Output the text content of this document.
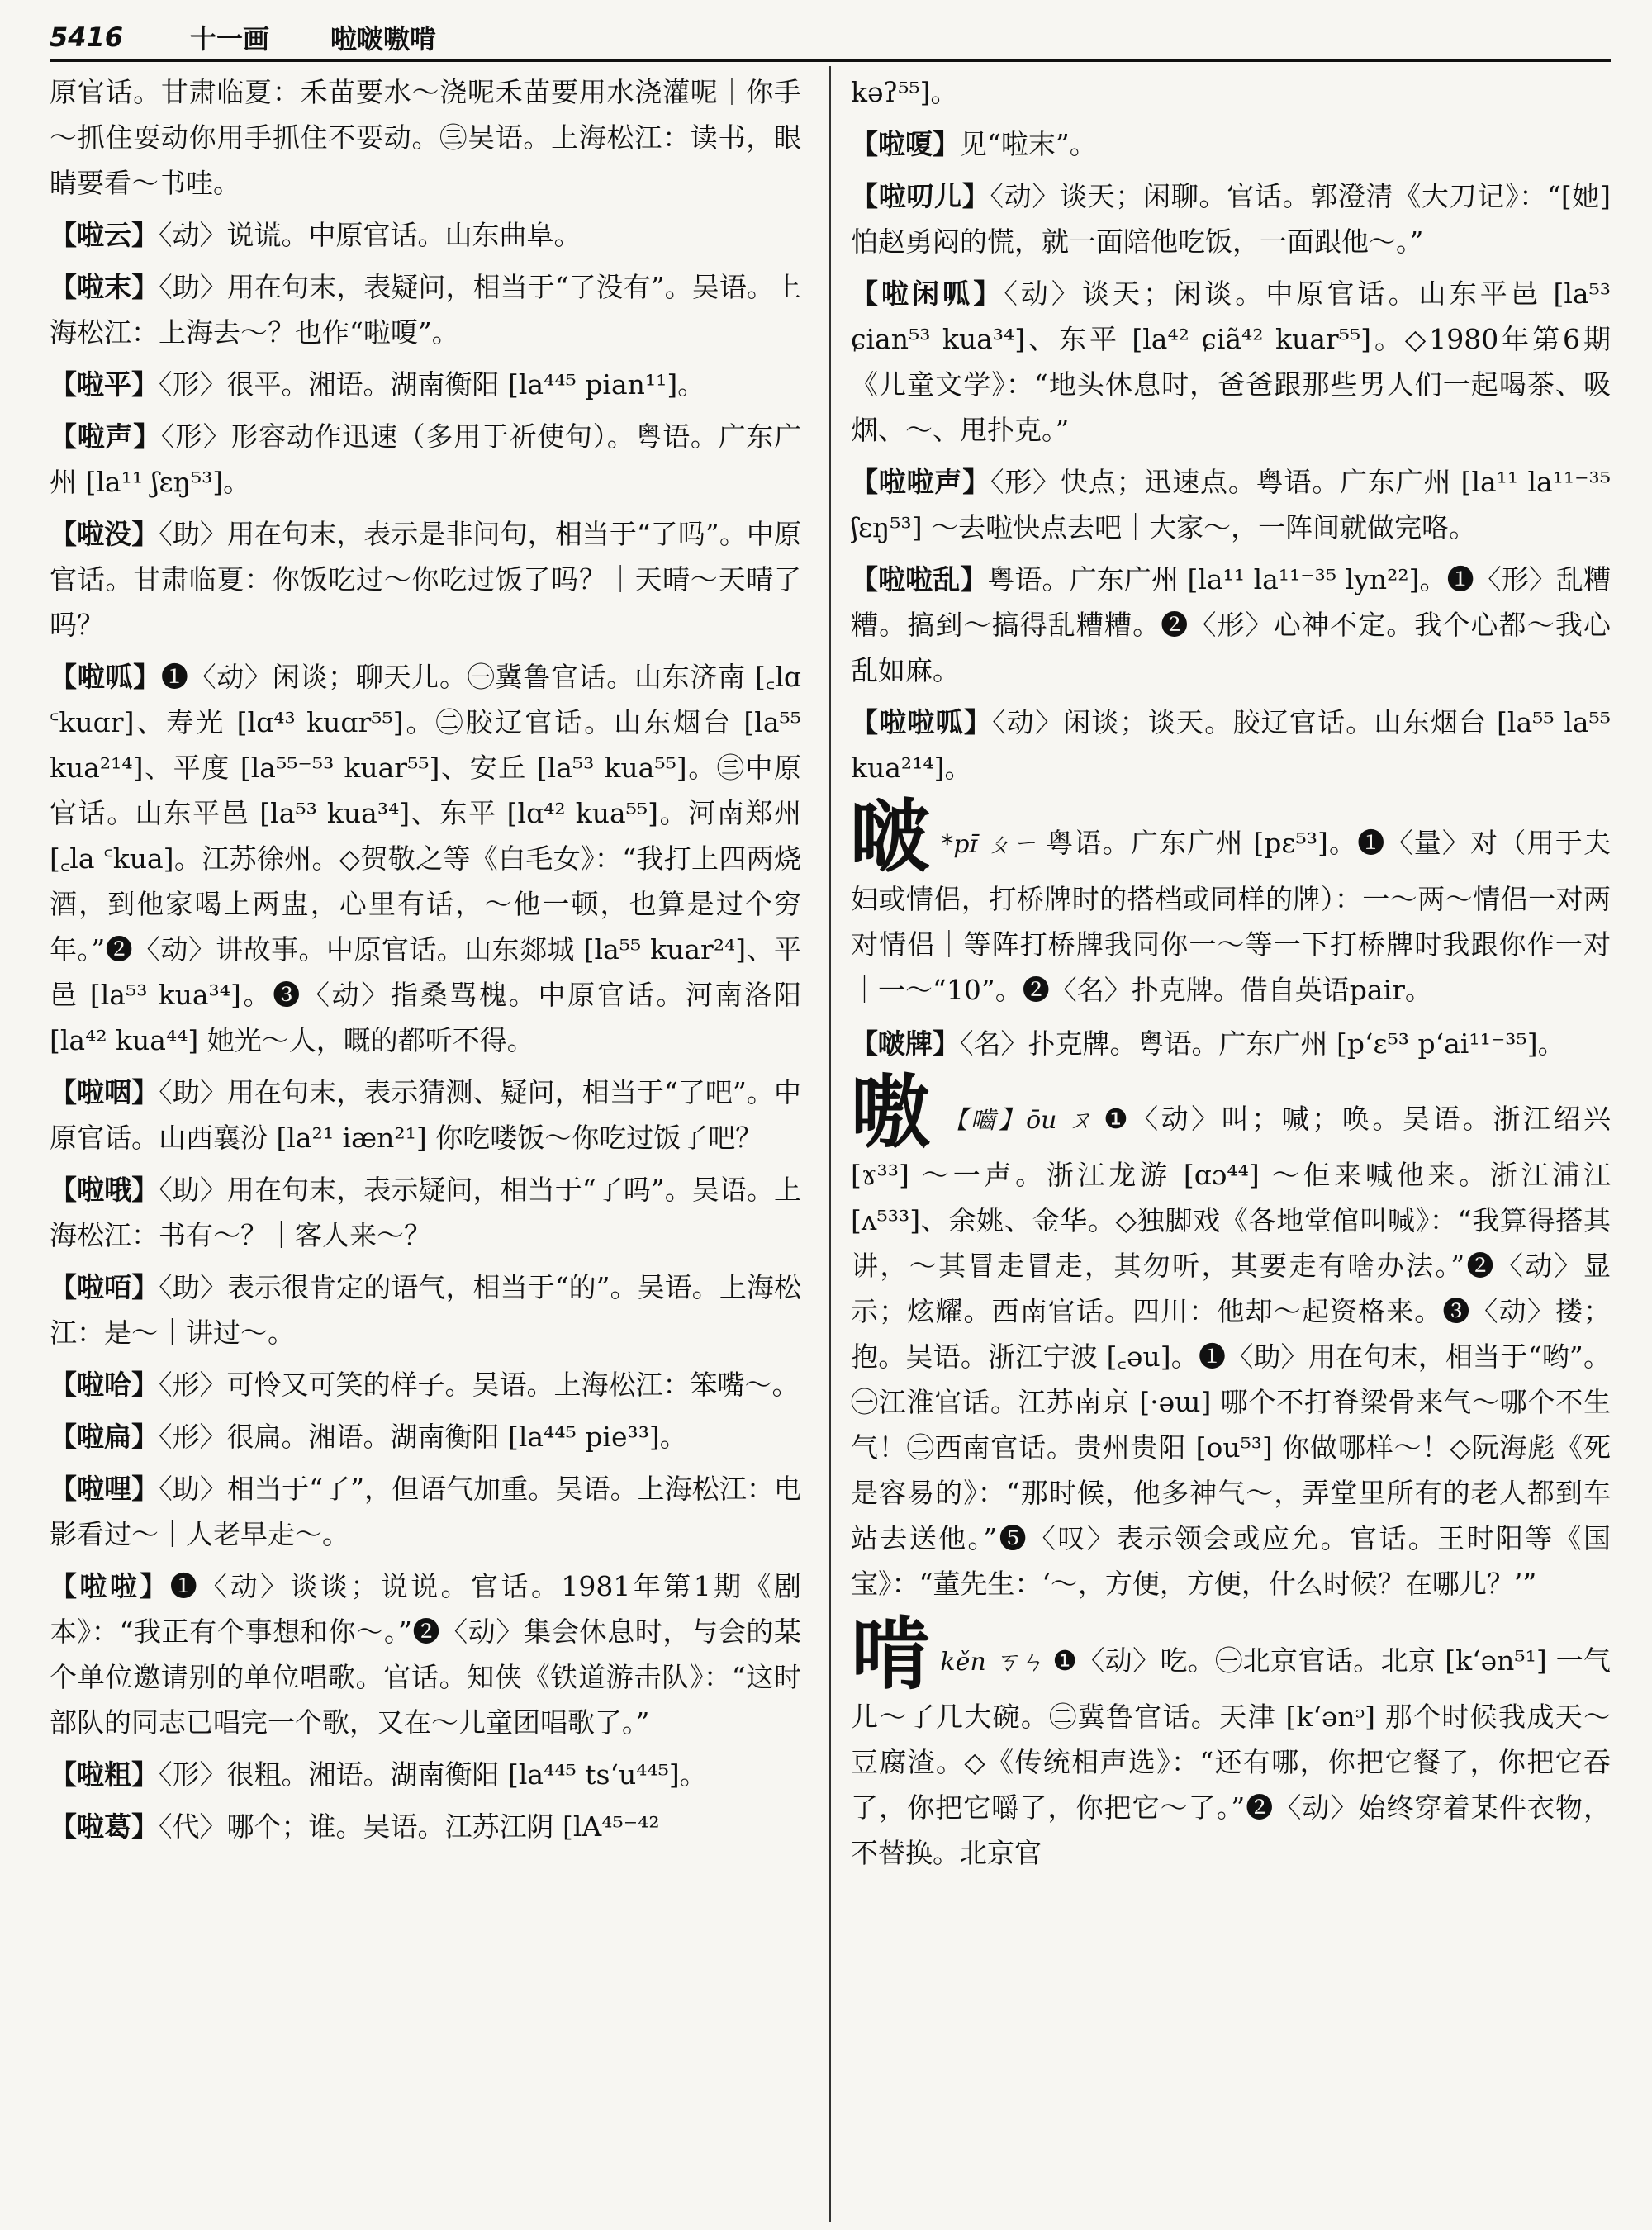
5416	十一画	啦啵嗷啃

原官话。甘肃临夏：禾苗要水～浇呢禾苗要用水浇灌呢｜你手～抓住耍动你用手抓住不要动。㊂吴语。上海松江：读书，眼睛要看～书哇。

【啦云】〈动〉说谎。中原官话。山东曲阜。

【啦末】〈助〉用在句末，表疑问，相当于“了没有”。吴语。上海松江：上海去～？也作“啦嗄”。

【啦平】〈形〉很平。湘语。湖南衡阳 [la⁴⁴⁵ pian¹¹]。

【啦声】〈形〉形容动作迅速（多用于祈使句）。粤语。广东广州 [la¹¹ ʃɛŋ⁵³]。

【啦没】〈助〉用在句末，表示是非问句，相当于“了吗”。中原官话。甘肃临夏：你饭吃过～你吃过饭了吗？｜天晴～天晴了吗？

【啦呱】❶〈动〉闲谈；聊天儿。㊀冀鲁官话。山东济南 [꜀lɑ ꜂kuɑr]、寿光 [lɑ⁴³ kuɑr⁵⁵]。㊁胶辽官话。山东烟台 [la⁵⁵ kua²¹⁴]、平度 [la⁵⁵⁻⁵³ kuar⁵⁵]、安丘 [la⁵³ kua⁵⁵]。㊂中原官话。山东平邑 [la⁵³ kua³⁴]、东平 [lɑ⁴² kua⁵⁵]。河南郑州 [꜀la ꜂kua]。江苏徐州。◇贺敬之等《白毛女》：“我打上四两烧酒，到他家喝上两盅，心里有话，～他一顿，也算是过个穷年。”❷〈动〉讲故事。中原官话。山东郯城 [la⁵⁵ kuar²⁴]、平邑 [la⁵³ kua³⁴]。❸〈动〉指桑骂槐。中原官话。河南洛阳 [la⁴² kua⁴⁴] 她光～人，嘅的都听不得。

【啦咽】〈助〉用在句末，表示猜测、疑问，相当于“了吧”。中原官话。山西襄汾 [la²¹ iæn²¹] 你吃喽饭～你吃过饭了吧？

【啦哦】〈助〉用在句末，表示疑问，相当于“了吗”。吴语。上海松江：书有～？｜客人来～？

【啦咟】〈助〉表示很肯定的语气，相当于“的”。吴语。上海松江：是～｜讲过～。

【啦哈】〈形〉可怜又可笑的样子。吴语。上海松江：笨嘴～。

【啦扁】〈形〉很扁。湘语。湖南衡阳 [la⁴⁴⁵ pie³³]。

【啦哩】〈助〉相当于“了”，但语气加重。吴语。上海松江：电影看过～｜人老早走～。

【啦啦】❶〈动〉谈谈；说说。官话。1981年第1期《剧本》：“我正有个事想和你～。”❷〈动〉集会休息时，与会的某个单位邀请别的单位唱歌。官话。知侠《铁道游击队》：“这时部队的同志已唱完一个歌，又在～儿童团唱歌了。”

【啦粗】〈形〉很粗。湘语。湖南衡阳 [la⁴⁴⁵ tsʻu⁴⁴⁵]。

【啦葛】〈代〉哪个；谁。吴语。江苏江阴 [lA⁴⁵⁻⁴²

kəʔ⁵⁵]。

【啦嗄】见“啦末”。

【啦叨儿】〈动〉谈天；闲聊。官话。郭澄清《大刀记》：“[她]怕赵勇闷的慌，就一面陪他吃饭，一面跟他～。”

【啦闲呱】〈动〉谈天；闲谈。中原官话。山东平邑 [la⁵³ ɕian⁵³ kua³⁴]、东平 [la⁴² ɕiã⁴² kuar⁵⁵]。◇1980年第6期《儿童文学》：“地头休息时，爸爸跟那些男人们一起喝茶、吸烟、～、甩扑克。”

【啦啦声】〈形〉快点；迅速点。粤语。广东广州 [la¹¹ la¹¹⁻³⁵ ʃɛŋ⁵³] ～去啦快点去吧｜大家～，一阵间就做完咯。

【啦啦乱】粤语。广东广州 [la¹¹ la¹¹⁻³⁵ lyn²²]。❶〈形〉乱糟糟。搞到～搞得乱糟糟。❷〈形〉心神不定。我个心都～我心乱如麻。

【啦啦呱】〈动〉闲谈；谈天。胶辽官话。山东烟台 [la⁵⁵ la⁵⁵ kua²¹⁴]。

啵 *pɪ̄ ㄆㄧ 粤语。广东广州 [pɛ⁵³]。❶〈量〉对（用于夫妇或情侣，打桥牌时的搭档或同样的牌）：一～两～情侣一对两对情侣｜等阵打桥牌我同你一～等一下打桥牌时我跟你作一对｜一～“10”。❷〈名〉扑克牌。借自英语pair。

【啵牌】〈名〉扑克牌。粤语。广东广州 [pʻɛ⁵³ pʻai¹¹⁻³⁵]。

嗷 【嚙】ōu ㄡ ❶〈动〉叫；喊；唤。吴语。浙江绍兴 [ɤ³³] ～一声。浙江龙游 [ɑɔ⁴⁴] ～佢来喊他来。浙江浦江 [ʌ⁵³³]、余姚、金华。◇独脚戏《各地堂倌叫喊》：“我算得搭其讲，～其冒走冒走，其勿听，其要走有啥办法。”❷〈动〉显示；炫耀。西南官话。四川：他却～起资格来。❸〈动〉搂；抱。吴语。浙江宁波 [꜀əu]。❶〈助〉用在句末，相当于“哟”。㊀江淮官话。江苏南京 [·əɯ] 哪个不打脊梁骨来气～哪个不生气！㊁西南官话。贵州贵阳 [ou⁵³] 你做哪样～！◇阮海彪《死是容易的》：“那时候，他多神气～，弄堂里所有的老人都到车站去送他。”❺〈叹〉表示领会或应允。官话。王时阳等《国宝》：“董先生：‘～，方便，方便，什么时候？在哪儿？’”

啃kěn ㄎㄣ ❶〈动〉吃。㊀北京官话。北京 [kʻən⁵¹] 一气儿～了几大碗。㊁冀鲁官话。天津 [kʻənᵓ] 那个时候我成天～豆腐渣。◇《传统相声选》：“还有哪，你把它餐了，你把它吞了，你把它嚼了，你把它～了。”❷〈动〉始终穿着某件衣物，不替换。北京官
